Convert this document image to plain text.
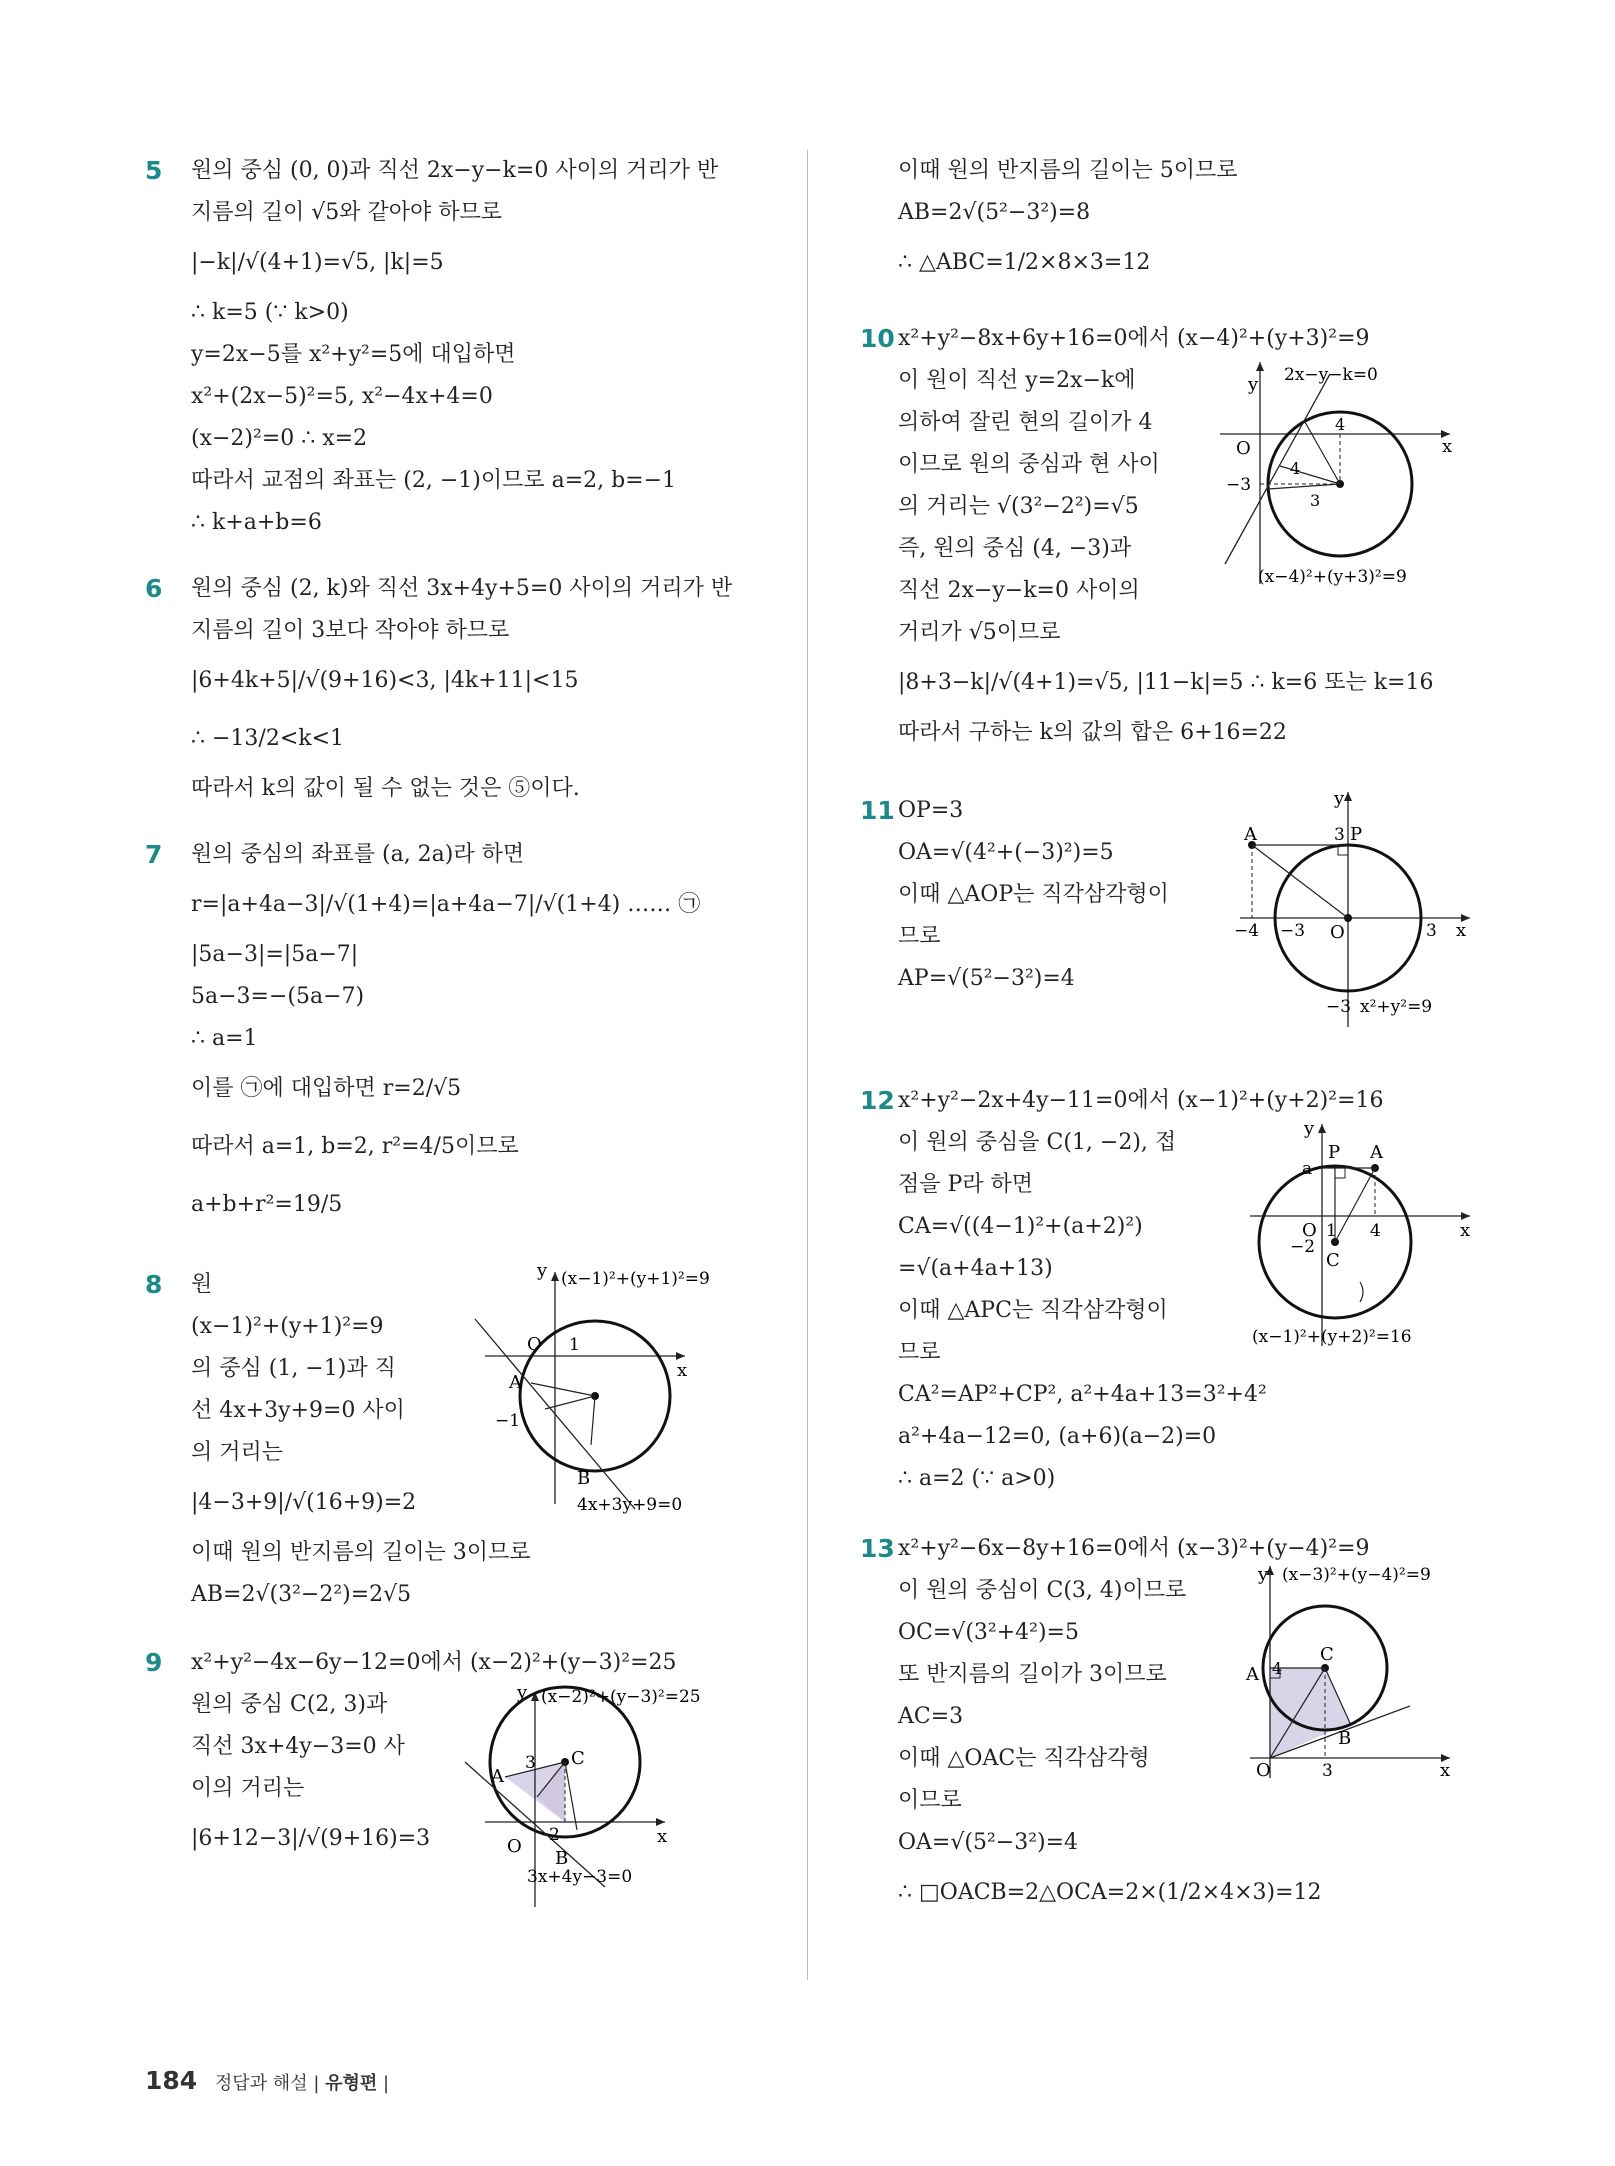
5 원의 중심 (0, 0)과 직선 2x−y−k=0 사이의 거리가 반
지름의 길이 √5와 같아야 하므로
|−k|/√(4+1)=√5, |k|=5
∴ k=5 (∵ k>0)
y=2x−5를 x²+y²=5에 대입하면
x²+(2x−5)²=5, x²−4x+4=0
(x−2)²=0 ∴ x=2
따라서 교점의 좌표는 (2, −1)이므로 a=2, b=−1
∴ k+a+b=6
6 원의 중심 (2, k)와 직선 3x+4y+5=0 사이의 거리가 반
지름의 길이 3보다 작아야 하므로
|6+4k+5|/√(9+16)<3, |4k+11|<15
∴ −13/2<k<1
따라서 k의 값이 될 수 없는 것은 ⑤이다.
7 원의 중심의 좌표를 (a, 2a)라 하면
r=|a+4a−3|/√(1+4)=|a+4a−7|/√(1+4) …… ㉠
|5a−3|=|5a−7|
5a−3=−(5a−7)
∴ a=1
이를 ㉠에 대입하면 r=2/√5
따라서 a=1, b=2, r²=4/5이므로
a+b+r²=19/5
8 원
(x−1)²+(y+1)²=9
의 중심 (1, −1)과 직
선 4x+3y+9=0 사이
의 거리는
|4−3+9|/√(16+9)=2
이때 원의 반지름의 길이는 3이므로
AB=2√(3²−2²)=2√5
y
x
O 1
A
−1
B
(x−1)²+(y+1)²=9
4x+3y+9=0
9 x²+y²−4x−6y−12=0에서 (x−2)²+(y−3)²=25
원의 중심 C(2, 3)과
직선 3x+4y−3=0 사
이의 거리는
|6+12−3|/√(9+16)=3
y
x
O
A
3 C
2
B
(x−2)²+(y−3)²=25
3x+4y−3=0
이때 원의 반지름의 길이는 5이므로
AB=2√(5²−3²)=8
∴ △ABC=1/2×8×3=12
10 x²+y²−8x+6y+16=0에서 (x−4)²+(y+3)²=9
이 원이 직선 y=2x−k에
의하여 잘린 현의 길이가 4
이므로 원의 중심과 현 사이
의 거리는 √(3²−2²)=√5
즉, 원의 중심 (4, −3)과
직선 2x−y−k=0 사이의
거리가 √5이므로
|8+3−k|/√(4+1)=√5, |11−k|=5 ∴ k=6 또는 k=16
따라서 구하는 k의 값의 합은 6+16=22
y
x
O
4
−3
4
3
2x−y−k=0
(x−4)²+(y+3)²=9
11 OP=3
OA=√(4²+(−3)²)=5
이때 △AOP는 직각삼각형이
므로
AP=√(5²−3²)=4
y
A	3 P
−4 −3 O	3 x
−3 x²+y²=9
12 x²+y²−2x+4y−11=0에서 (x−1)²+(y+2)²=16
이 원의 중심을 C(1, −2), 접
점을 P라 하면
CA=√((4−1)²+(a+2)²)
=√(a+4a+13)
이때 △APC는 직각삼각형이
므로
CA²=AP²+CP², a²+4a+13=3²+4²
a²+4a−12=0, (a+6)(a−2)=0
∴ a=2 (∵ a>0)
y
a
P A
O 1 4	x
−2
C
(x−1)²+(y+2)²=16
13 x²+y²−6x−8y+16=0에서 (x−3)²+(y−4)²=9
이 원의 중심이 C(3, 4)이므로
OC=√(3²+4²)=5
또 반지름의 길이가 3이므로
AC=3
이때 △OAC는 직각삼각형
이므로
OA=√(5²−3²)=4
∴ □OACB=2△OCA=2×(1/2×4×3)=12
y
A 4
C
B
O	3	x
(x−3)²+(y−4)²=9
184 정답과 해설 | 유형편 |
